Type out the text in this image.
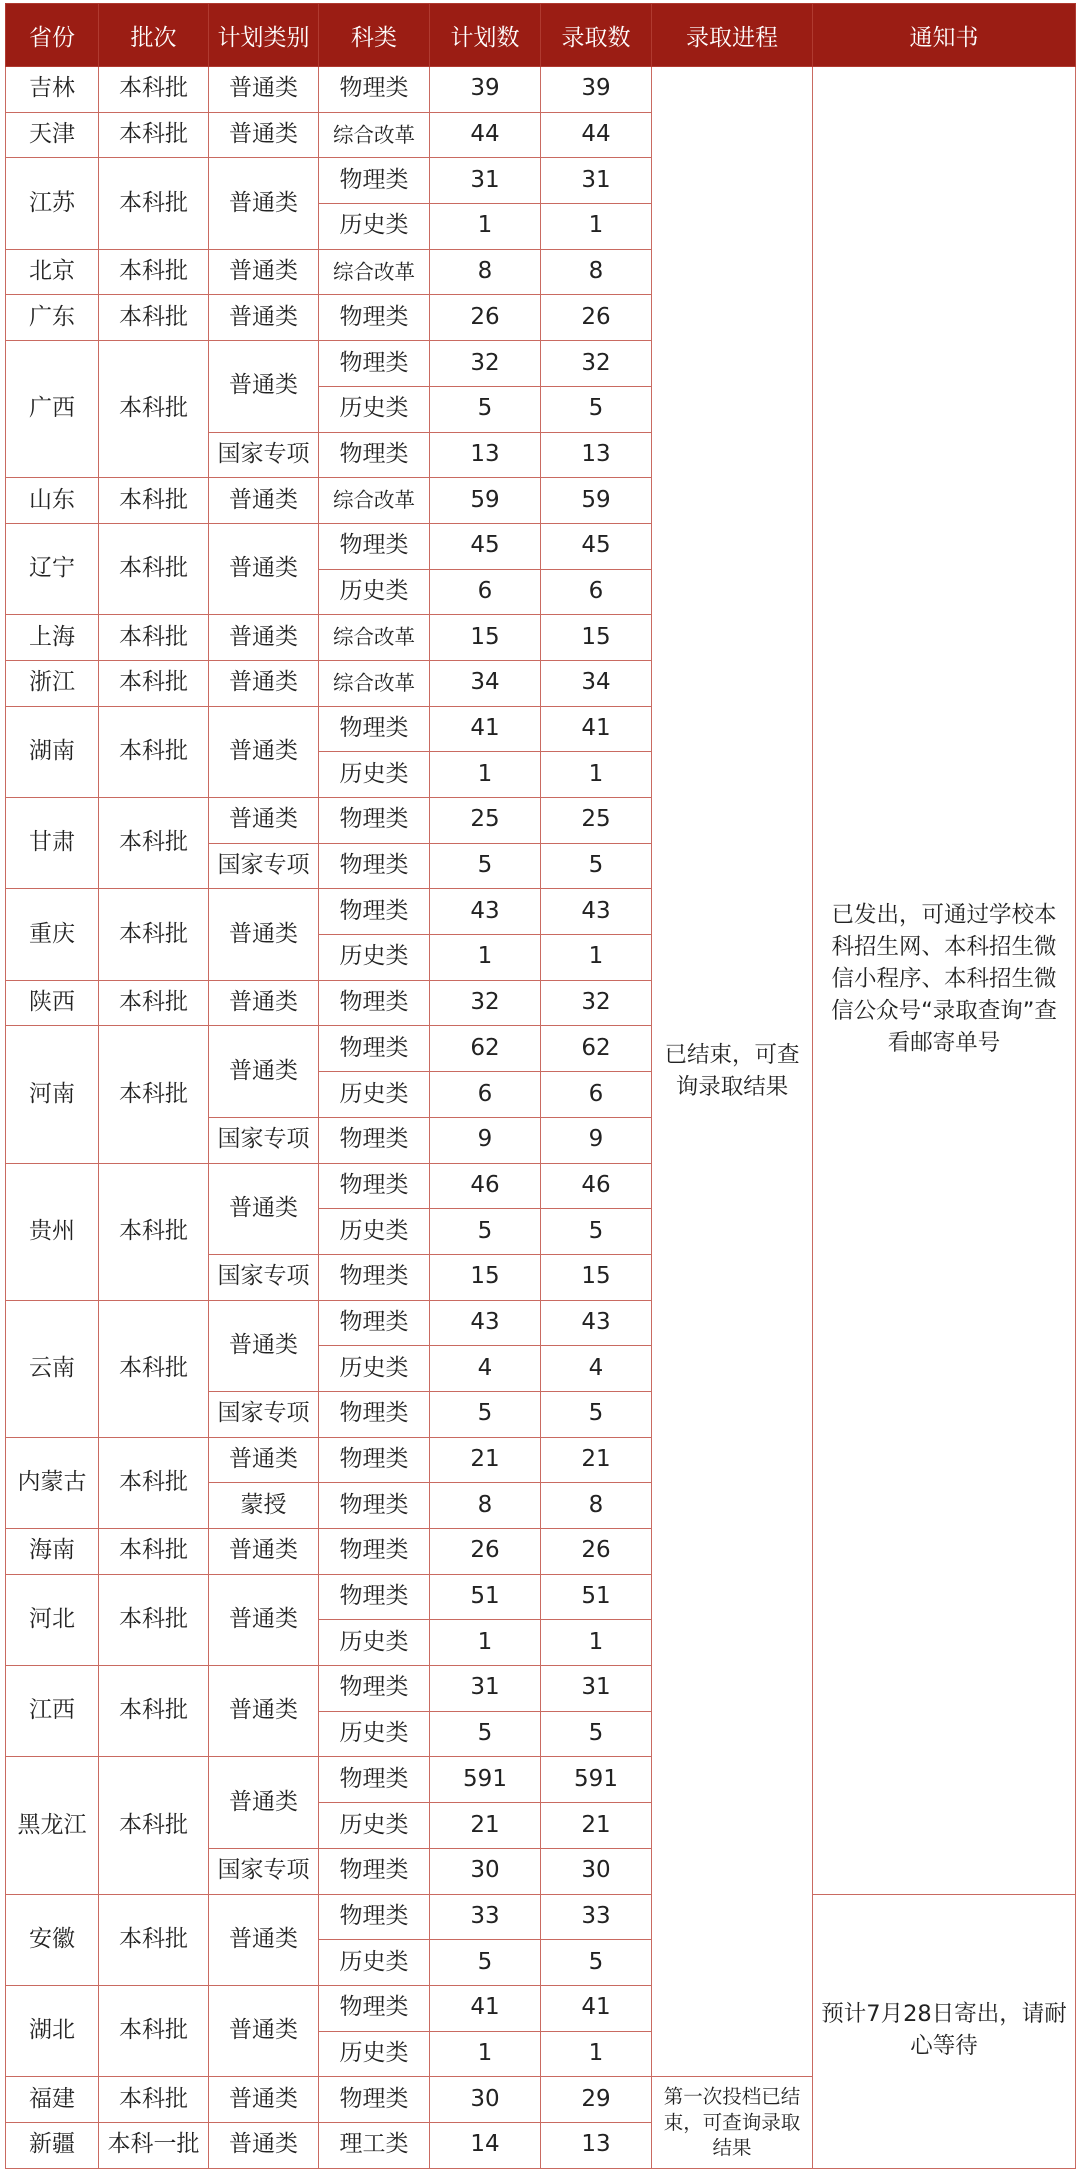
省份	批次	计划类别	科类	计划数	录取数	录取进程	通知书
吉林	本科批	普通类	物理类	39	39	已结束，可查询录取结果	已发出，可通过学校本科招生网、本科招生微信小程序、本科招生微信公众号“录取查询”查看邮寄单号
天津	本科批	普通类	综合改革	44	44		
江苏	本科批	普通类	物理类	31	31		
			历史类	1	1		
北京	本科批	普通类	综合改革	8	8		
广东	本科批	普通类	物理类	26	26		
广西	本科批	普通类	物理类	32	32		
			历史类	5	5		
		国家专项	物理类	13	13		
山东	本科批	普通类	综合改革	59	59		
辽宁	本科批	普通类	物理类	45	45		
			历史类	6	6		
上海	本科批	普通类	综合改革	15	15		
浙江	本科批	普通类	综合改革	34	34		
湖南	本科批	普通类	物理类	41	41		
			历史类	1	1		
甘肃	本科批	普通类	物理类	25	25		
		国家专项	物理类	5	5		
重庆	本科批	普通类	物理类	43	43		
			历史类	1	1		
陕西	本科批	普通类	物理类	32	32		
河南	本科批	普通类	物理类	62	62		
			历史类	6	6		
		国家专项	物理类	9	9		
贵州	本科批	普通类	物理类	46	46		
			历史类	5	5		
		国家专项	物理类	15	15		
云南	本科批	普通类	物理类	43	43		
			历史类	4	4		
		国家专项	物理类	5	5		
内蒙古	本科批	普通类	物理类	21	21		
		蒙授	物理类	8	8		
海南	本科批	普通类	物理类	26	26		
河北	本科批	普通类	物理类	51	51		
			历史类	1	1		
江西	本科批	普通类	物理类	31	31		
			历史类	5	5		
黑龙江	本科批	普通类	物理类	591	591		
			历史类	21	21		
		国家专项	物理类	30	30		
安徽	本科批	普通类	物理类	33	33		预计7月28日寄出，请耐心等待
			历史类	5	5		
湖北	本科批	普通类	物理类	41	41		
			历史类	1	1		
福建	本科批	普通类	物理类	30	29	第一次投档已结束，可查询录取结果	
新疆	本科一批	普通类	理工类	14	13		
